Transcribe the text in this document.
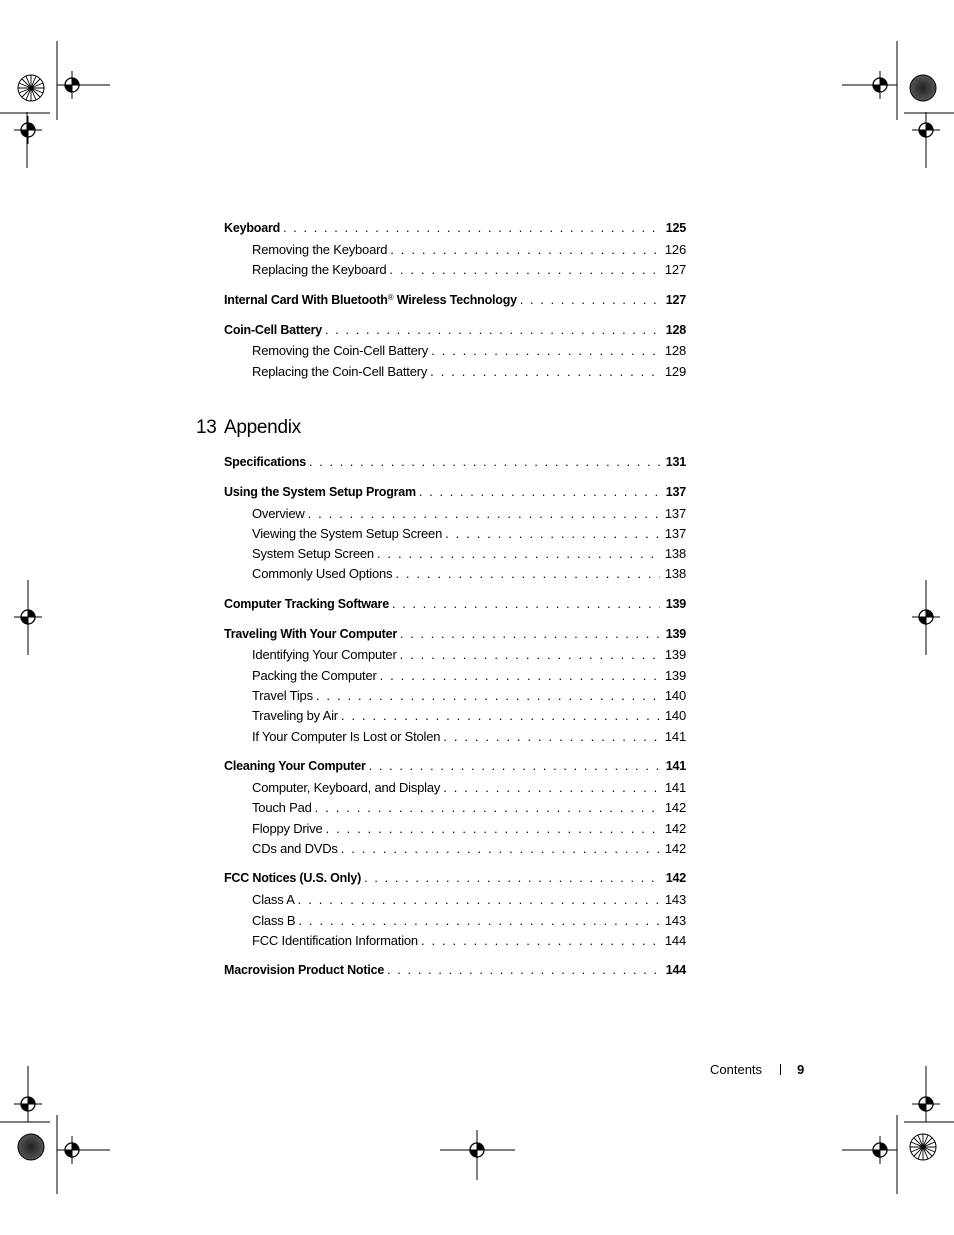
Keyboard . . .	125
Removing the Keyboard . . .	126
Replacing the Keyboard . . .	127
Internal Card With Bluetooth® Wireless Technology . . .	127
Coin-Cell Battery . . .	128
Removing the Coin-Cell Battery . . .	128
Replacing the Coin-Cell Battery . . .	129
13 Appendix
Specifications . . .	131
Using the System Setup Program . . .	137
Overview . . .	137
Viewing the System Setup Screen . . .	137
System Setup Screen . . .	138
Commonly Used Options . . .	138
Computer Tracking Software . . .	139
Traveling With Your Computer . . .	139
Identifying Your Computer . . .	139
Packing the Computer . . .	139
Travel Tips . . .	140
Traveling by Air . . .	140
If Your Computer Is Lost or Stolen . . .	141
Cleaning Your Computer . . .	141
Computer, Keyboard, and Display . . .	141
Touch Pad . . .	142
Floppy Drive . . .	142
CDs and DVDs . . .	142
FCC Notices (U.S. Only) . . .	142
Class A . . .	143
Class B . . .	143
FCC Identification Information . . .	144
Macrovision Product Notice . . .	144
Contents	9
